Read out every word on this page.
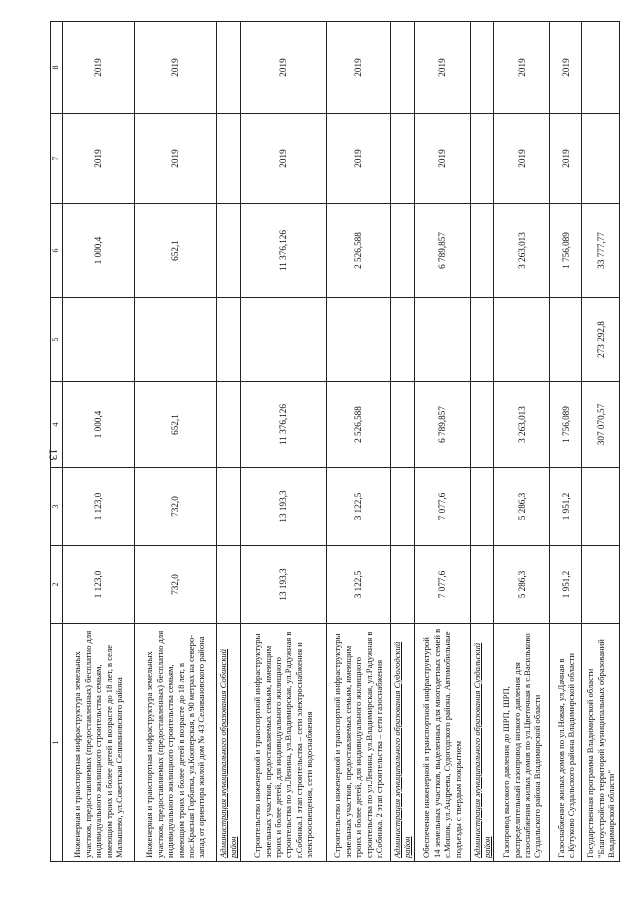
13
1	2	3	4	5	6	7	8
Инженерная и транспортная инфраструктура земельных участков, предоставляемых (предоставленных) бесплатно для индивидуального жилищного строительства семьям, имеющим троих и более детей в возрасте до 18 лет, в селе Малышево, ул.Советская Селивановского района	1 123,0	1 123,0	1 000,4		1 000,4	2019	2019
Инженерная и транспортная инфраструктура земельных участков, предоставляемых (предоставленных) бесплатно для индивидуального жилищного строительства семьям, имеющим троих и более детей в возрасте до 18 лет, в пос.Красная Горбатка, ул.Кооперская, в 90 метрах на северо-запад от ориентира жилой дом № 43 Селивановского района	732,0	732,0	652,1		652,1	2019	2019
Администрация муниципального образования Собинский район							
Строительство инженерной и транспортной инфраструктуры земельных участков, предоставляемых семьям, имеющим троих и более детей, для индивидуального жилищного строительства по ул.Ленина, ул.Владимирская, ул.Радужная в г.Собинка.1 этап строительства – сети электроснабжения и электроосвещения, сети водоснабжения	13 193,3	13 193,3	11 376,126		11 376,126	2019	2019
Строительство инженерной и транспортной инфраструктуры земельных участков, предоставляемых семьям, имеющим троих и более детей, для индивидуального жилищного строительства по ул.Ленина, ул.Владимирская, ул.Радужная в г.Собинка. 2 этап строительства – сети газоснабжения	3 122,5	3 122,5	2 526,588		2 526,588	2019	2019
Администрация муниципального образования Судогодский район							
Обеспечение инженерной и транспортной инфраструктурой 14 земельных участков, выделенных для многодетных семей в с.Мошок, ул.Андреева, Судогодского района. Автомобильные подъезды с твердым покрытием	7 077,6	7 077,6	6 789,857		6 789,857	2019	2019
Администрация муниципального образования Суздальский район							
Газопровод высокого давления до ШРП, ШРП, распределительный газопровод низкого давления для газоснабжения жилых домов по ул.Цветочная в с.Васильково Суздальского района Владимирской области	5 286,3	5 286,3	3 263,013		3 263,013	2019	2019
Газоснабжение жилых домов по ул.Новая, ул.Дачная в с.Кутуково Суздальского района Владимирской области	1 951,2	1 951,2	1 756,089		1 756,089	2019	2019
Государственная программа Владимирской области "Благоустройство территорий муниципальных образований Владимирской области"			307 070,57	273 292,8	33 777,77		
